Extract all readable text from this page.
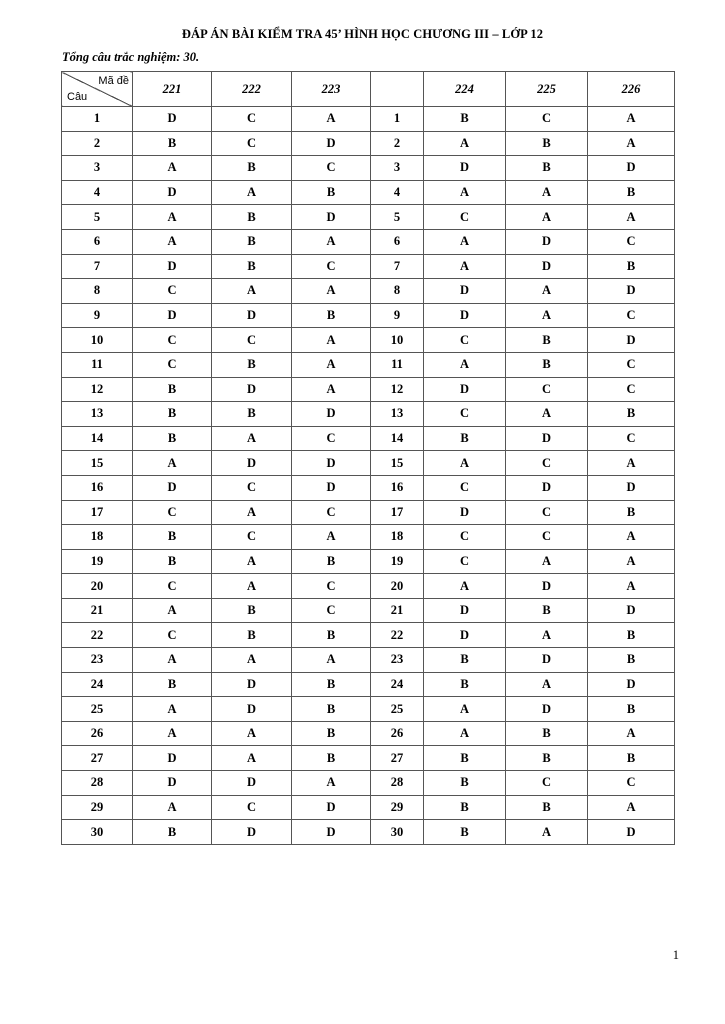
ĐÁP ÁN BÀI KIỂM TRA 45’ HÌNH HỌC CHƯƠNG III – LỚP 12
Tổng câu trắc nghiệm: 30.
Mã đề
Câu	221	222	223		224	225	226
1	D	C	A	1	B	C	A
2	B	C	D	2	A	B	A
3	A	B	C	3	D	B	D
4	D	A	B	4	A	A	B
5	A	B	D	5	C	A	A
6	A	B	A	6	A	D	C
7	D	B	C	7	A	D	B
8	C	A	A	8	D	A	D
9	D	D	B	9	D	A	C
10	C	C	A	10	C	B	D
11	C	B	A	11	A	B	C
12	B	D	A	12	D	C	C
13	B	B	D	13	C	A	B
14	B	A	C	14	B	D	C
15	A	D	D	15	A	C	A
16	D	C	D	16	C	D	D
17	C	A	C	17	D	C	B
18	B	C	A	18	C	C	A
19	B	A	B	19	C	A	A
20	C	A	C	20	A	D	A
21	A	B	C	21	D	B	D
22	C	B	B	22	D	A	B
23	A	A	A	23	B	D	B
24	B	D	B	24	B	A	D
25	A	D	B	25	A	D	B
26	A	A	B	26	A	B	A
27	D	A	B	27	B	B	B
28	D	D	A	28	B	C	C
29	A	C	D	29	B	B	A
30	B	D	D	30	B	A	D
1
